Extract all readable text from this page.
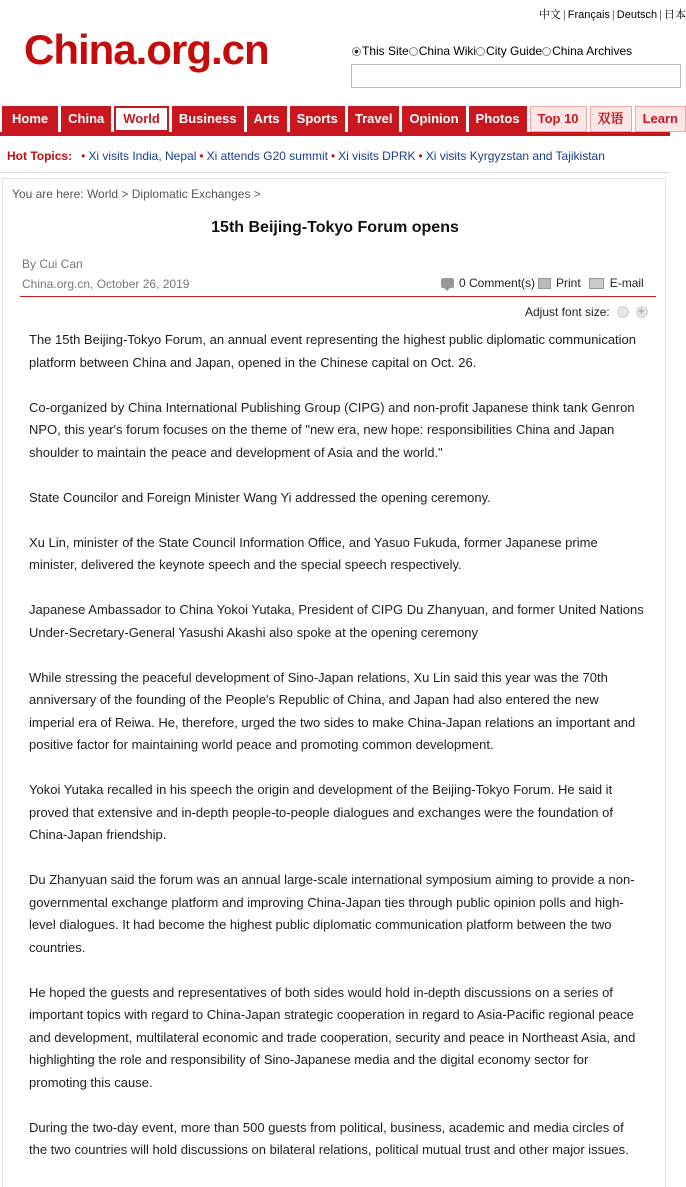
中文 | Français | Deutsch | 日本
China.org.cn	This Site China Wiki City Guide China Archives
Home China World Business Arts Sports Travel Opinion Photos Top 10 双语 Learn
Hot Topics: • Xi visits India, Nepal • Xi attends G20 summit • Xi visits DPRK • Xi visits Kyrgyzstan and Tajikistan
You are here: World > Diplomatic Exchanges >
15th Beijing-Tokyo Forum opens
By Cui Can
China.org.cn, October 26, 2019	0 Comment(s) Print E-mail
Adjust font size:
+

The 15th Beijing-Tokyo Forum, an annual event representing the highest public diplomatic communication platform between China and Japan, opened in the Chinese capital on Oct. 26.

Co-organized by China International Publishing Group (CIPG) and non-profit Japanese think tank Genron NPO, this year's forum focuses on the theme of "new era, new hope: responsibilities China and Japan shoulder to maintain the peace and development of Asia and the world."

State Councilor and Foreign Minister Wang Yi addressed the opening ceremony.

Xu Lin, minister of the State Council Information Office, and Yasuo Fukuda, former Japanese prime minister, delivered the keynote speech and the special speech respectively.

Japanese Ambassador to China Yokoi Yutaka, President of CIPG Du Zhanyuan, and former United Nations Under-Secretary-General Yasushi Akashi also spoke at the opening ceremony

While stressing the peaceful development of Sino-Japan relations, Xu Lin said this year was the 70th anniversary of the founding of the People's Republic of China, and Japan had also entered the new imperial era of Reiwa. He, therefore, urged the two sides to make China-Japan relations an important and positive factor for maintaining world peace and promoting common development.

Yokoi Yutaka recalled in his speech the origin and development of the Beijing-Tokyo Forum. He said it proved that extensive and in-depth people-to-people dialogues and exchanges were the foundation of China-Japan friendship.

Du Zhanyuan said the forum was an annual large-scale international symposium aiming to provide a non-governmental exchange platform and improving China-Japan ties through public opinion polls and high-level dialogues. It had become the highest public diplomatic communication platform between the two countries.

He hoped the guests and representatives of both sides would hold in-depth discussions on a series of important topics with regard to China-Japan strategic cooperation in regard to Asia-Pacific regional peace and development, multilateral economic and trade cooperation, security and peace in Northeast Asia, and highlighting the role and responsibility of Sino-Japanese media and the digital economy sector for promoting this cause.

During the two-day event, more than 500 guests from political, business, academic and media circles of the two countries will hold discussions on bilateral relations, political mutual trust and other major issues.
